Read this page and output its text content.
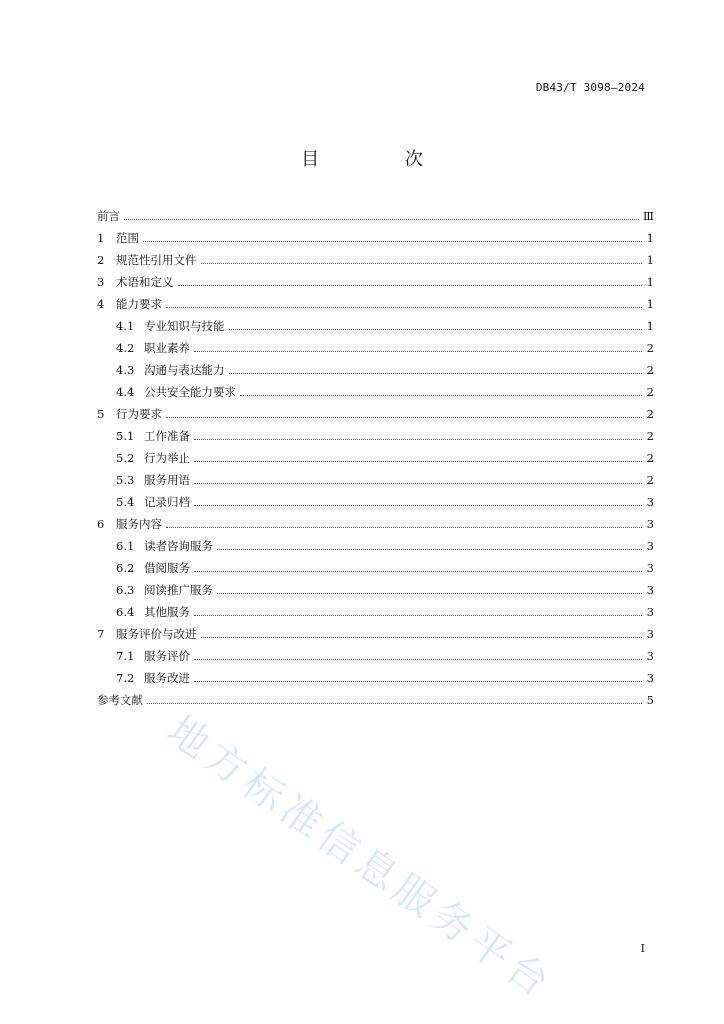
DB43/T 3098—2024
目 次
前言	Ⅲ
1	范围	1
2	规范性引用文件	1
3	术语和定义	1
4	能力要求	1
4.1 专业知识与技能	1
4.2 职业素养	2
4.3 沟通与表达能力	2
4.4 公共安全能力要求	2
5	行为要求	2
5.1 工作准备	2
5.2 行为举止	2
5.3 服务用语	2
5.4 记录归档	3
6	服务内容	3
6.1 读者咨询服务	3
6.2 借阅服务	3
6.3 阅读推广服务	3
6.4 其他服务	3
7	服务评价与改进	3
7.1 服务评价	3
7.2 服务改进	3
参考文献	5
地方标准信息服务平台	I
